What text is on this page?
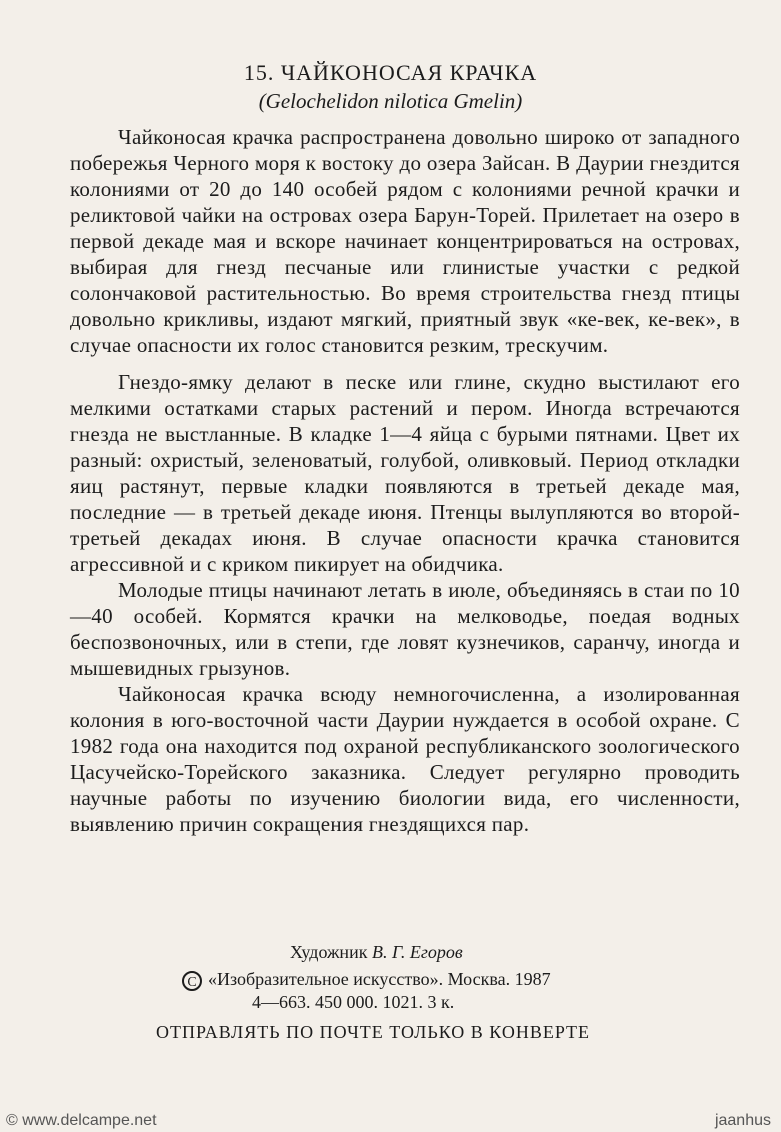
15. ЧАЙКОНОСАЯ КРАЧКА
(Gelochelidon nilotica Gmelin)

Чайконосая крачка распространена довольно широко от западного побережья Черного моря к востоку до озера Зайсан. В Даурии гнездится колониями от 20 до 140 особей рядом с колониями речной крачки и реликтовой чайки на островах озера Барун-Торей. Прилетает на озеро в первой декаде мая и вскоре начинает концентрироваться на островах, выбирая для гнезд песчаные или глинистые участки с редкой солончаковой растительностью. Во время строительства гнезд птицы довольно крикливы, издают мягкий, приятный звук «ке-век, ке-век», в случае опасности их голос становится резким, трескучим.

Гнездо-ямку делают в песке или глине, скудно выстилают его мелкими остатками старых растений и пером. Иногда встречаются гнезда не выстланные. В кладке 1—4 яйца с бурыми пятнами. Цвет их разный: охристый, зеленоватый, голубой, оливковый. Период откладки яиц растянут, первые кладки появляются в третьей декаде мая, последние — в третьей декаде июня. Птенцы вылупляются во второй-третьей декадах июня. В случае опасности крачка становится агрессивной и с криком пикирует на обидчика.

Молодые птицы начинают летать в июле, объединяясь в стаи по 10—40 особей. Кормятся крачки на мелководье, поедая водных беспозвоночных, или в степи, где ловят кузнечиков, саранчу, иногда и мышевидных грызунов.

Чайконосая крачка всюду немногочисленна, а изолированная колония в юго-восточной части Даурии нуждается в особой охране. С 1982 года она находится под охраной республиканского зоологического Цасучейско-Торейского заказника. Следует регулярно проводить научные работы по изучению биологии вида, его численности, выявлению причин сокращения гнездящихся пар.

Художник В. Г. Егоров
С «Изобразительное искусство». Москва. 1987
4—663. 450 000. 1021. 3 к.
ОТПРАВЛЯТЬ ПО ПОЧТЕ ТОЛЬКО В КОНВЕРТЕ
© www.delcampe.net	jaanhus
